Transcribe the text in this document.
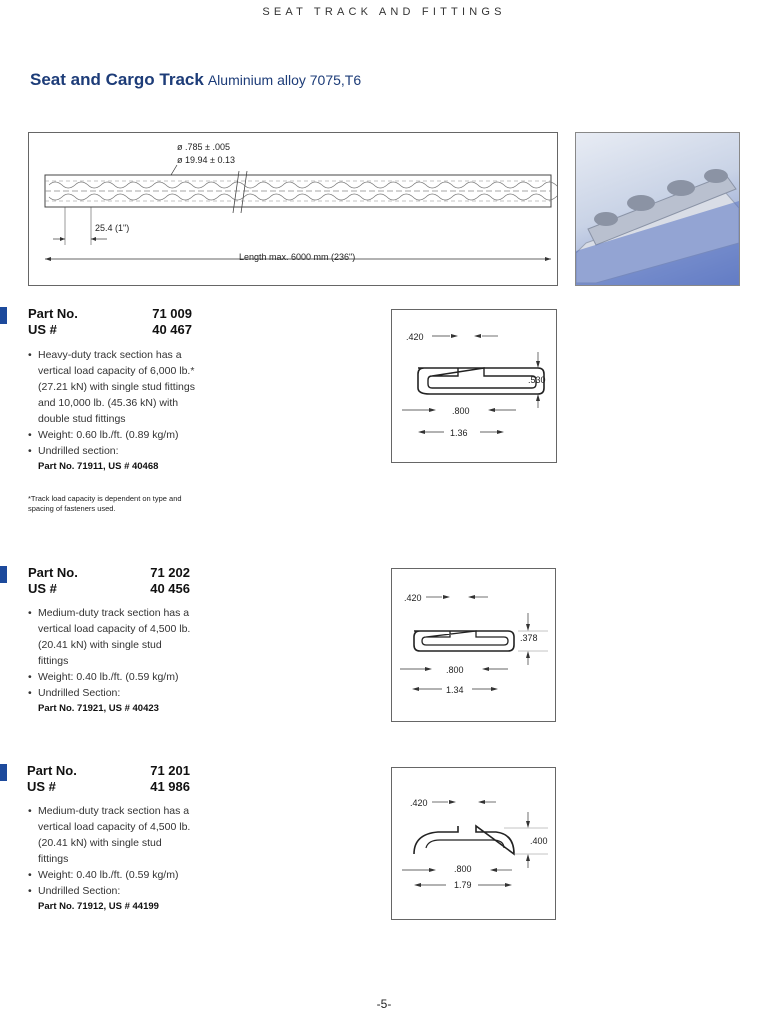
SEAT TRACK AND FITTINGS
Seat and Cargo Track Aluminium alloy 7075,T6
ø .785 ± .005
ø 19.94 ± 0.13
25.4 (1")
Length max. 6000 mm (236")
Part No.	71 009
US #	40 467
• Heavy-duty track section has a vertical load capacity of 6,000 lb.* (27.21 kN) with single stud fittings and 10,000 lb. (45.36 kN) with double stud fittings
• Weight: 0.60 lb./ft. (0.89 kg/m)
• Undrilled section:
Part No. 71911, US # 40468
*Track load capacity is dependent on type and spacing of fasteners used.
.420
.530
.800
1.36
Part No.	71 202
US #	40 456
• Medium-duty track section has a vertical load capacity of 4,500 lb. (20.41 kN) with single stud fittings
• Weight: 0.40 lb./ft. (0.59 kg/m)
• Undrilled Section:
Part No. 71921, US # 40423
.420
.378
.800
1.34
Part No.	71 201
US #	41 986
• Medium-duty track section has a vertical load capacity of 4,500 lb. (20.41 kN) with single stud fittings
• Weight: 0.40 lb./ft. (0.59 kg/m)
• Undrilled Section:
Part No. 71912, US # 44199
.420
.400
.800
1.79
-5-
